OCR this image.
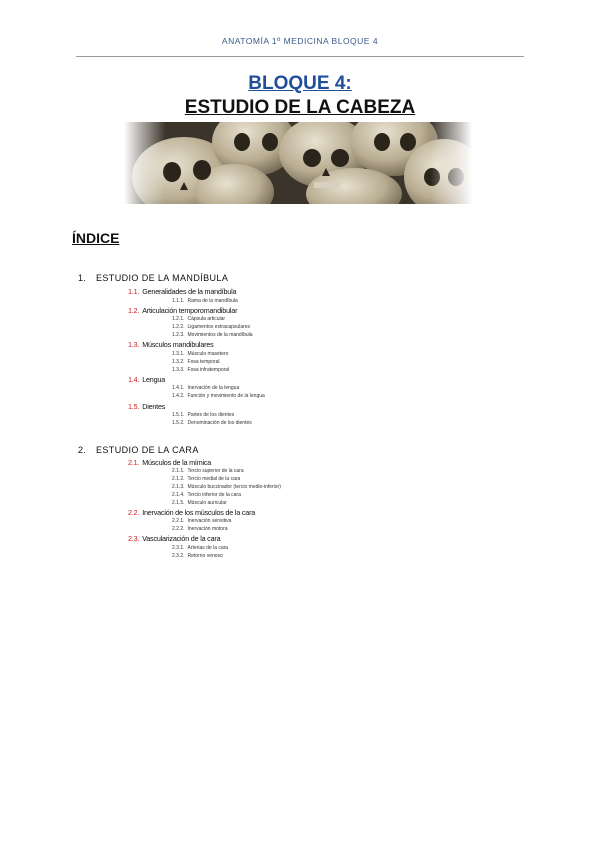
ANATOMÍA 1º MEDICINA BLOQUE 4
BLOQUE 4:
ESTUDIO DE LA CABEZA
ÍNDICE
1. ESTUDIO DE LA MANDÍBULA
1.1. Generalidades de la mandíbula
1.1.1. Rama de la mandíbula
1.2. Articulación temporomandibular
1.2.1. Cápsula articular
1.2.2. Ligamentos extracapsulares
1.2.3. Movimientos de la mandíbula
1.3. Músculos mandibulares
1.3.1. Músculo masetero
1.3.2. Fosa temporal
1.3.3. Fosa infratemporal
1.4. Lengua
1.4.1. Inervación de la lengua
1.4.2. Función y movimiento de la lengua
1.5. Dientes
1.5.1. Partes de los dientes
1.5.2. Denominación de los dientes
2. ESTUDIO DE LA CARA
2.1. Músculos de la mímica
2.1.1. Tercio superior de la cara
2.1.2. Tercio medial de la cara
2.1.3. Músculo buccinador (tercio medio-inferior)
2.1.4. Tercio inferior de la cara
2.1.5. Músculo auricular
2.2. Inervación de los músculos de la cara
2.2.1. Inervación sensitiva
2.2.2. Inervación motora
2.3. Vascularización de la cara
2.3.1. Arterias de la cara
2.3.2. Retorno venoso
